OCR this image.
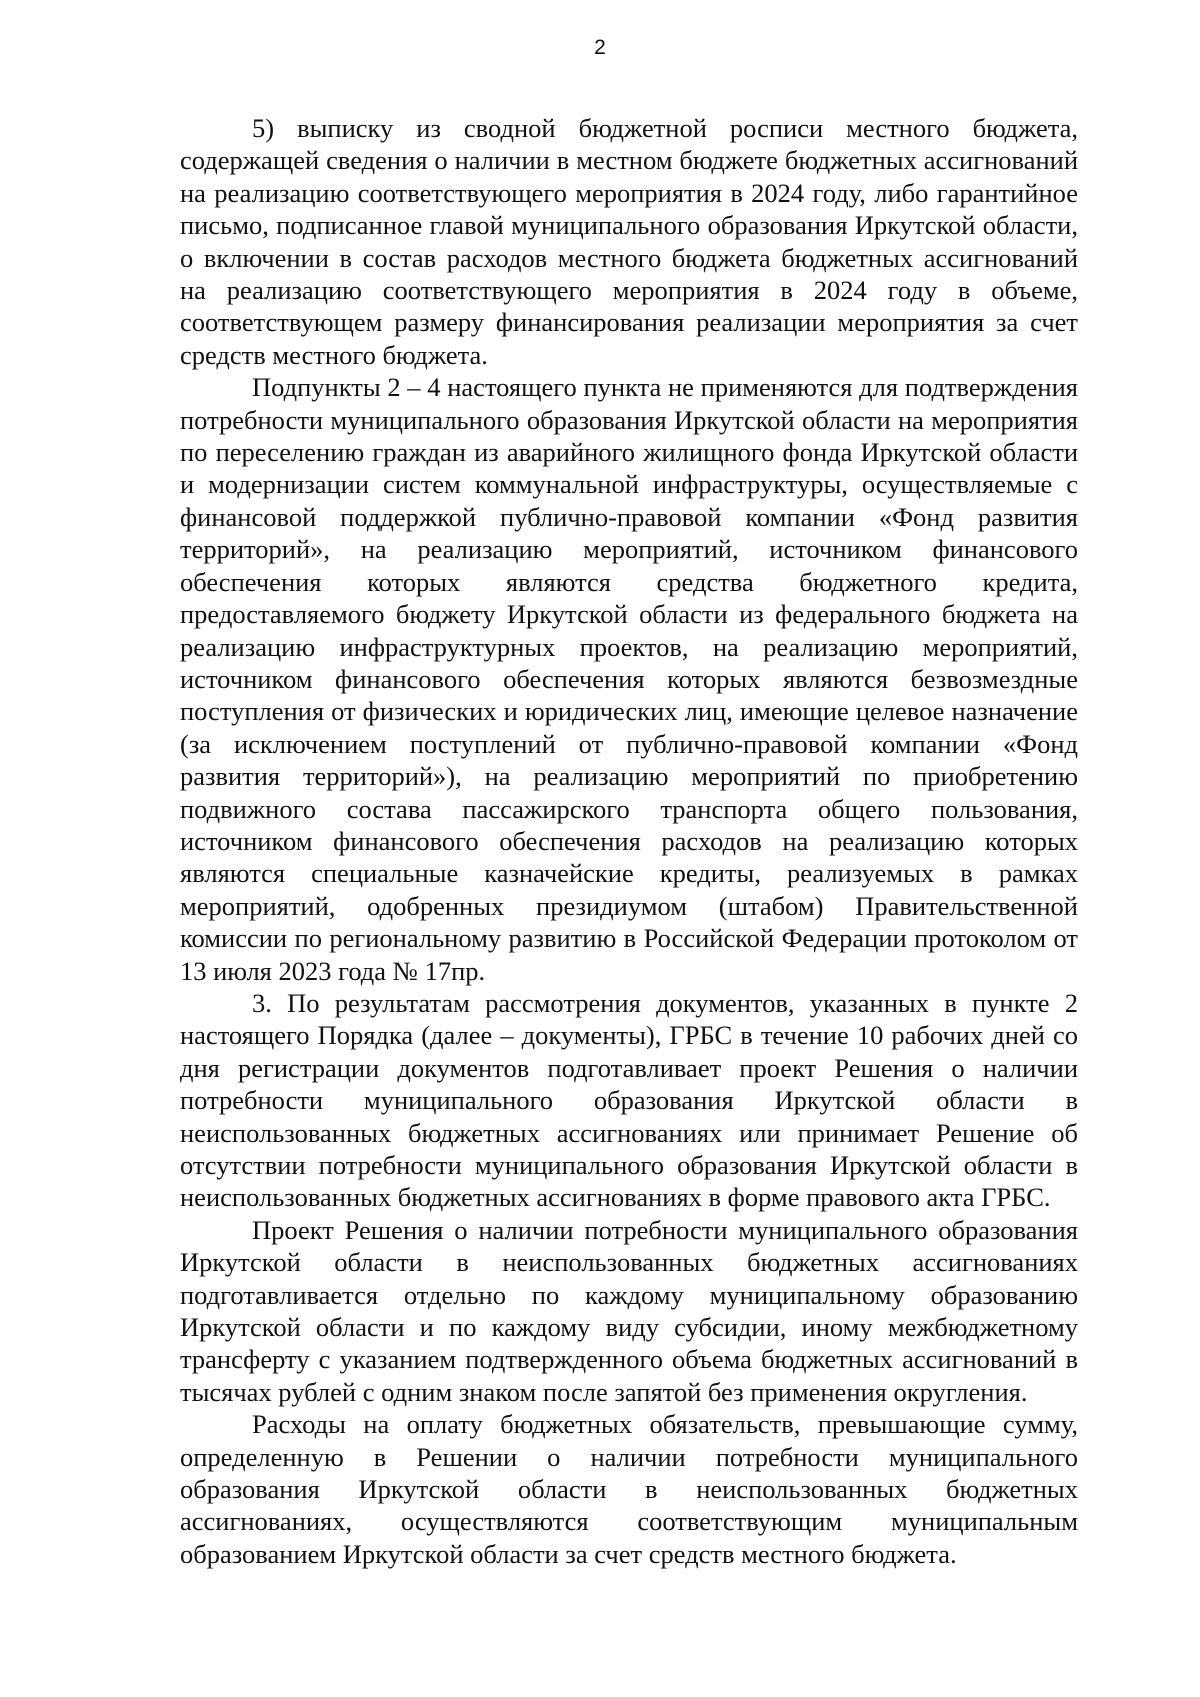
2

5) выписку из сводной бюджетной росписи местного бюджета, содержащей сведения о наличии в местном бюджете бюджетных ассигнований на реализацию соответствующего мероприятия в 2024 году, либо гарантийное письмо, подписанное главой муниципального образования Иркутской области, о включении в состав расходов местного бюджета бюджетных ассигнований на реализацию соответствующего мероприятия в 2024 году в объеме, соответствующем размеру финансирования реализации мероприятия за счет средств местного бюджета.

Подпункты 2 – 4 настоящего пункта не применяются для подтверждения потребности муниципального образования Иркутской области на мероприятия по переселению граждан из аварийного жилищного фонда Иркутской области и модернизации систем коммунальной инфраструктуры, осуществляемые с финансовой поддержкой публично-правовой компании «Фонд развития территорий», на реализацию мероприятий, источником финансового обеспечения которых являются средства бюджетного кредита, предоставляемого бюджету Иркутской области из федерального бюджета на реализацию инфраструктурных проектов, на реализацию мероприятий, источником финансового обеспечения которых являются безвозмездные поступления от физических и юридических лиц, имеющие целевое назначение (за исключением поступлений от публично-правовой компании «Фонд развития территорий»), на реализацию мероприятий по приобретению подвижного состава пассажирского транспорта общего пользования, источником финансового обеспечения расходов на реализацию которых являются специальные казначейские кредиты, реализуемых в рамках мероприятий, одобренных президиумом (штабом) Правительственной комиссии по региональному развитию в Российской Федерации протоколом от 13 июля 2023 года № 17пр.

3. По результатам рассмотрения документов, указанных в пункте 2 настоящего Порядка (далее – документы), ГРБС в течение 10 рабочих дней со дня регистрации документов подготавливает проект Решения о наличии потребности муниципального образования Иркутской области в неиспользованных бюджетных ассигнованиях или принимает Решение об отсутствии потребности муниципального образования Иркутской области в неиспользованных бюджетных ассигнованиях в форме правового акта ГРБС.

Проект Решения о наличии потребности муниципального образования Иркутской области в неиспользованных бюджетных ассигнованиях подготавливается отдельно по каждому муниципальному образованию Иркутской области и по каждому виду субсидии, иному межбюджетному трансферту с указанием подтвержденного объема бюджетных ассигнований в тысячах рублей с одним знаком после запятой без применения округления.

Расходы на оплату бюджетных обязательств, превышающие сумму, определенную в Решении о наличии потребности муниципального образования Иркутской области в неиспользованных бюджетных ассигнованиях, осуществляются соответствующим муниципальным образованием Иркутской области за счет средств местного бюджета.
